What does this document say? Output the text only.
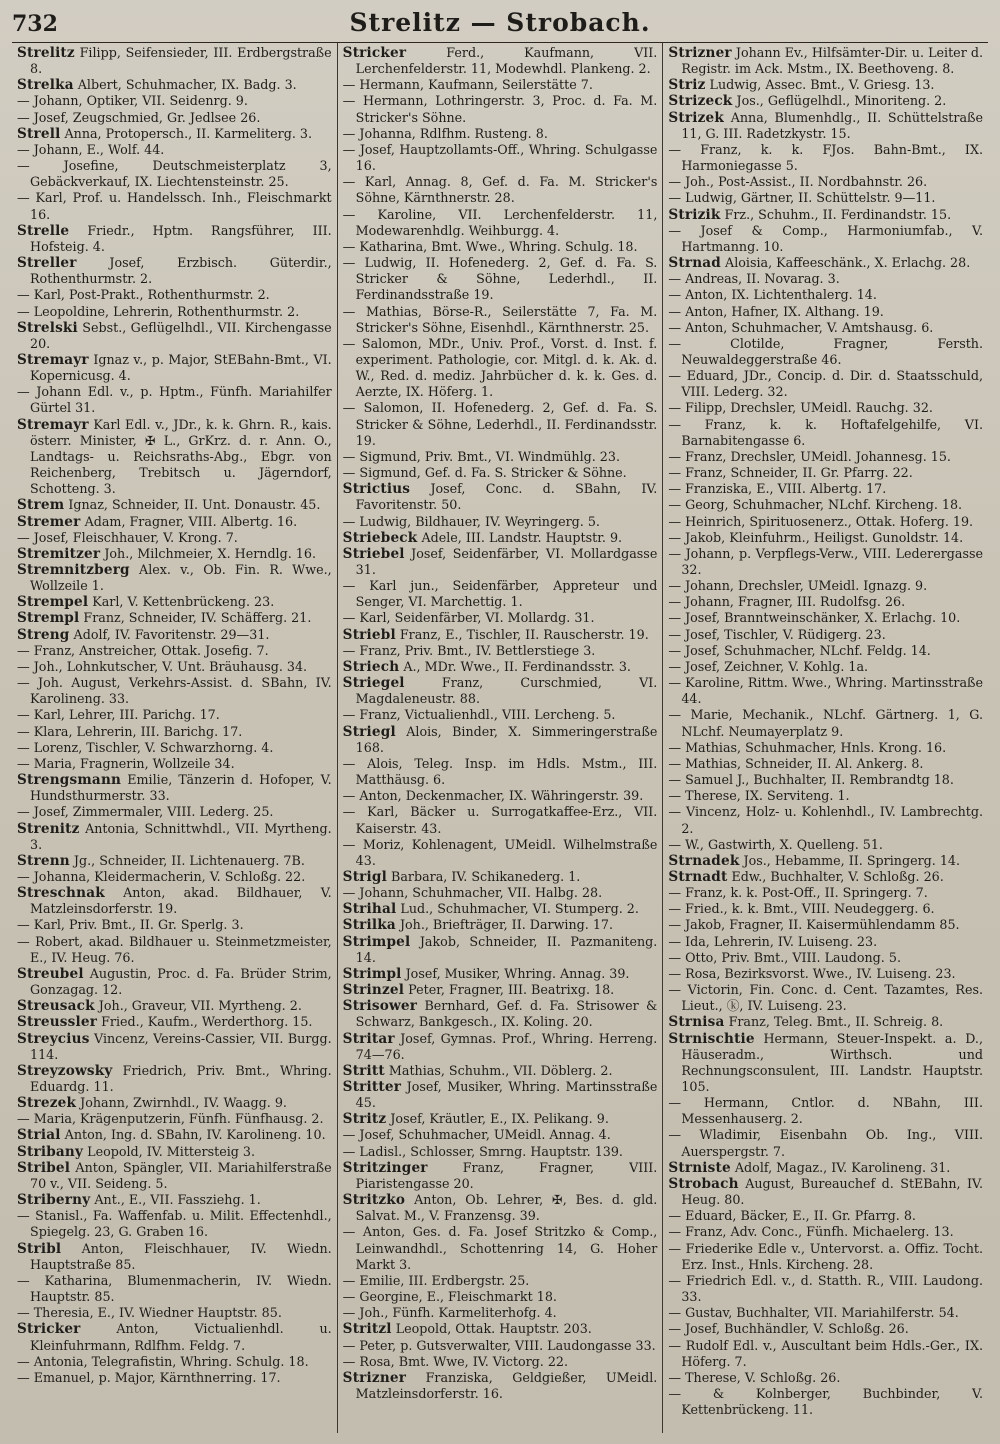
732	Strelitz — Strobach.

Strelitz Filipp, Seifensieder, III. Erdbergstraße 8.

Strelka Albert, Schuhmacher, IX. Badg. 3.

— Johann, Optiker, VII. Seidenrg. 9.

— Josef, Zeugschmied, Gr. Jedlsee 26.

Strell Anna, Protopersch., II. Karmeliterg. 3.

— Johann, E., Wolf. 44.

— Josefine,	Deutschmeisterplatz 3, Gebäckverkauf, IX. Liechtensteinstr. 25.

— Karl, Prof. u. Handelssch. Inh., Fleischmarkt 16.

Strelle Friedr., Hptm. Rangsführer, III. Hofsteig. 4.

Streller	Josef, Erzbisch. Güterdir., Rothenthurmstr. 2.

— Karl, Post-Prakt., Rothenthurmstr. 2.

— Leopoldine, Lehrerin, Rothenthurmstr. 2.

Strelski Sebst., Geflügelhdl., VII. Kirchengasse 20.

Stremayr Ignaz v., p. Major, StEBahn-Bmt., VI. Kopernicusg. 4.

— Johann Edl. v., p. Hptm., Fünfh. Mariahilfer Gürtel 31.

Stremayr Karl Edl. v., JDr., k. k. Ghrn. R., kais. österr. Minister, ✠ L., GrKrz. d. r. Ann. O., Landtags- u. Reichsraths-Abg., Ebgr. von Reichenberg, Trebitsch u. Jägerndorf, Schotteng. 3.

Strem Ignaz, Schneider, II. Unt. Donaustr. 45.

Stremer Adam, Fragner, VIII. Albertg. 16.

— Josef, Fleischhauer, V. Krong. 7.

Stremitzer Joh., Milchmeier, X. Herndlg. 16.

Stremnitzberg Alex. v., Ob. Fin. R. Wwe., Wollzeile 1.

Strempel Karl, V. Kettenbrückeng. 23.

Strempl Franz, Schneider, IV. Schäfferg. 21.

Streng Adolf, IV. Favoritenstr. 29—31.

— Franz, Anstreicher, Ottak. Josefig. 7.

— Joh., Lohnkutscher, V. Unt. Bräuhausg. 34.

— Joh. August, Verkehrs-Assist. d. SBahn, IV. Karolineng. 33.

— Karl, Lehrer, III. Parichg. 17.

— Klara, Lehrerin, III. Barichg. 17.

— Lorenz, Tischler, V. Schwarzhorng. 4.

— Maria, Fragnerin, Wollzeile 34.

Strengsmann Emilie, Tänzerin d. Hofoper, V. Hundsthurmerstr. 33.

— Josef, Zimmermaler, VIII. Lederg. 25.

Strenitz Antonia, Schnittwhdl., VII. Myrtheng. 3.

Strenn Jg., Schneider, II. Lichtenauerg. 7B.

— Johanna, Kleidermacherin, V. Schloßg. 22.

Streschnak Anton, akad. Bildhauer, V. Matzleinsdorferstr. 19.

— Karl, Priv. Bmt., II. Gr. Sperlg. 3.

— Robert, akad. Bildhauer u. Steinmetzmeister, E., IV. Heug. 76.

Streubel Augustin, Proc. d. Fa. Brüder Strim, Gonzagag. 12.

Streusack Joh., Graveur, VII. Myrtheng. 2.

Streussler Fried., Kaufm., Werderthorg. 15.

Streycius Vincenz, Vereins-Cassier, VII. Burgg. 114.

Streyzowsky Friedrich, Priv. Bmt., Whring. Eduardg. 11.

Strezek Johann, Zwirnhdl., IV. Waagg. 9.

— Maria, Krägenputzerin, Fünfh. Fünfhausg. 2.

Strial Anton, Ing. d. SBahn, IV. Karolineng. 10.

Stribany Leopold, IV. Mittersteig 3.

Stribel Anton, Spängler, VII. Mariahilferstraße 70 v., VII. Seideng. 5.

Striberny Ant., E., VII. Fassziehg. 1.

— Stanisl., Fa. Waffenfab. u. Milit. Effectenhdl., Spiegelg. 23, G. Graben 16.

Stribl Anton, Fleischhauer, IV. Wiedn. Hauptstraße 85.

— Katharina, Blumenmacherin, IV. Wiedn. Hauptstr. 85.

— Theresia, E., IV. Wiedner Hauptstr. 85.

Stricker	Anton, Victualienhdl. u. Kleinfuhrmann, Rdlfhm. Feldg. 7.

— Antonia, Telegrafistin, Whring. Schulg. 18.

— Emanuel, p. Major, Kärnthnerring. 17.

Stricker	Ferd., Kaufmann, VII. Lerchenfelderstr. 11, Modewhdl. Plankeng. 2.

— Hermann, Kaufmann, Seilerstätte 7.

— Hermann, Lothringerstr. 3, Proc. d. Fa. M. Stricker's Söhne.

— Johanna, Rdlfhm. Rusteng. 8.

— Josef, Hauptzollamts-Off., Whring. Schulgasse 16.

— Karl, Annag. 8, Gef. d. Fa. M. Stricker's Söhne, Kärnthnerstr. 28.

— Karoline, VII. Lerchenfelderstr. 11, Modewarenhdlg. Weihburgg. 4.

— Katharina, Bmt. Wwe., Whring. Schulg. 18.

— Ludwig, II. Hofenederg. 2, Gef. d. Fa. S. Stricker & Söhne, Lederhdl., II. Ferdinandsstraße 19.

— Mathias, Börse-R., Seilerstätte 7, Fa. M. Stricker's Söhne, Eisenhdl., Kärnthnerstr. 25.

— Salomon, MDr., Univ. Prof., Vorst. d. Inst. f. experiment. Pathologie, cor. Mitgl. d. k. Ak. d. W., Red. d. mediz. Jahrbücher d. k. k. Ges. d. Aerzte, IX. Höferg. 1.

— Salomon, II. Hofenederg. 2, Gef. d. Fa. S. Stricker & Söhne, Lederhdl., II. Ferdinandsstr. 19.

— Sigmund, Priv. Bmt., VI. Windmühlg. 23.

— Sigmund, Gef. d. Fa. S. Stricker & Söhne.

Strictius Josef, Conc. d. SBahn, IV. Favoritenstr. 50.

— Ludwig, Bildhauer, IV. Weyringerg. 5.

Striebeck Adele, III. Landstr. Hauptstr. 9.

Striebel Josef, Seidenfärber, VI. Mollardgasse 31.

— Karl jun., Seidenfärber, Appreteur und Senger, VI. Marchettig. 1.

— Karl, Seidenfärber, VI. Mollardg. 31.

Striebl Franz, E., Tischler, II. Rauscherstr. 19.

— Franz, Priv. Bmt., IV. Bettlerstiege 3.

Striech A., MDr. Wwe., II. Ferdinandsstr. 3.

Striegel	Franz, Curschmied, VI. Magdaleneustr. 88.

— Franz, Victualienhdl., VIII. Lercheng. 5.

Striegl Alois, Binder, X. Simmeringerstraße 168.

— Alois, Teleg. Insp. im Hdls. Mstm., III. Matthäusg. 6.

— Anton, Deckenmacher, IX. Währingerstr. 39.

— Karl, Bäcker u. Surrogatkaffee-Erz., VII. Kaiserstr. 43.

— Moriz, Kohlenagent, UMeidl. Wilhelmstraße 43.

Strigl Barbara, IV. Schikanederg. 1.

— Johann, Schuhmacher, VII. Halbg. 28.

Strihal Lud., Schuhmacher, VI. Stumperg. 2.

Strilka Joh., Briefträger, II. Darwing. 17.

Strimpel Jakob, Schneider, II. Pazmaniteng. 14.

Strimpl Josef, Musiker, Whring. Annag. 39.

Strinzel Peter, Fragner, III. Beatrixg. 18.

Strisower Bernhard, Gef. d. Fa. Strisower & Schwarz, Bankgesch., IX. Koling. 20.

Stritar Josef, Gymnas. Prof., Whring. Herreng. 74—76.

Stritt Mathias, Schuhm., VII. Döblerg. 2.

Stritter Josef, Musiker, Whring. Martinsstraße 45.

Stritz Josef, Kräutler, E., IX. Pelikang. 9.

— Josef, Schuhmacher, UMeidl. Annag. 4.

— Ladisl., Schlosser, Smrng. Hauptstr. 139.

Stritzinger	Franz, Fragner, VIII. Piaristengasse 20.

Stritzko Anton, Ob. Lehrer, ✠, Bes. d. gld. Salvat. M., V. Franzensg. 39.

— Anton, Ges. d. Fa. Josef Stritzko & Comp., Leinwandhdl., Schottenring 14, G. Hoher Markt 3.

— Emilie, III. Erdbergstr. 25.

— Georgine, E., Fleischmarkt 18.

— Joh., Fünfh. Karmeliterhofg. 4.

Stritzl Leopold, Ottak. Hauptstr. 203.

— Peter, p. Gutsverwalter, VIII. Laudongasse 33.

— Rosa, Bmt. Wwe, IV. Victorg. 22.

Strizner Franziska, Geldgießer, UMeidl. Matzleinsdorferstr. 16.

Strizner Johann Ev., Hilfsämter-Dir. u. Leiter d. Registr. im Ack. Mstm., IX. Beethoveng. 8.

Striz Ludwig, Assec. Bmt., V. Griesg. 13.

Strizeck Jos., Geflügelhdl., Minoriteng. 2.

Strizek Anna, Blumenhdlg., II. Schüttelstraße 11, G. III. Radetzkystr. 15.

— Franz, k. k. FJos. Bahn-Bmt., IX. Harmoniegasse 5.

— Joh., Post-Assist., II. Nordbahnstr. 26.

— Ludwig, Gärtner, II. Schüttelstr. 9—11.

Strizik Frz., Schuhm., II. Ferdinandstr. 15.

— Josef & Comp., Harmoniumfab., V. Hartmanng. 10.

Strnad Aloisia, Kaffeeschänk., X. Erlachg. 28.

— Andreas, II. Novarag. 3.

— Anton, IX. Lichtenthalerg. 14.

— Anton, Hafner, IX. Althang. 19.

— Anton, Schuhmacher, V. Amtshausg. 6.

— Clotilde,	Fragner, Fersth. Neuwaldeggerstraße 46.

— Eduard, JDr., Concip. d. Dir. d. Staatsschuld, VIII. Lederg. 32.

— Filipp, Drechsler, UMeidl. Rauchg. 32.

— Franz, k. k. Hoftafelgehilfe, VI. Barnabitengasse 6.

— Franz, Drechsler, UMeidl. Johannesg. 15.

— Franz, Schneider, II. Gr. Pfarrg. 22.

— Franziska, E., VIII. Albertg. 17.

— Georg, Schuhmacher, NLchf. Kircheng. 18.

— Heinrich, Spirituosenerz., Ottak. Hoferg. 19.

— Jakob, Kleinfuhrm., Heiligst. Gunoldstr. 14.

— Johann, p. Verpflegs-Verw., VIII. Lederergasse 32.

— Johann, Drechsler, UMeidl. Ignazg. 9.

— Johann, Fragner, III. Rudolfsg. 26.

— Josef, Branntweinschänker, X. Erlachg. 10.

— Josef, Tischler, V. Rüdigerg. 23.

— Josef, Schuhmacher, NLchf. Feldg. 14.

— Josef, Zeichner, V. Kohlg. 1a.

— Karoline, Rittm. Wwe., Whring. Martinsstraße 44.

— Marie, Mechanik., NLchf. Gärtnerg. 1, G. NLchf. Neumayerplatz 9.

— Mathias, Schuhmacher, Hnls. Krong. 16.

— Mathias, Schneider, II. Al. Ankerg. 8.

— Samuel J., Buchhalter, II. Rembrandtg 18.

— Therese, IX. Serviteng. 1.

— Vincenz, Holz- u. Kohlenhdl., IV. Lambrechtg. 2.

— W., Gastwirth, X. Quelleng. 51.

Strnadek Jos., Hebamme, II. Springerg. 14.

Strnadt Edw., Buchhalter, V. Schloßg. 26.

— Franz, k. k. Post-Off., II. Springerg. 7.

— Fried., k. k. Bmt., VIII. Neudeggerg. 6.

— Jakob, Fragner, II. Kaisermühlendamm 85.

— Ida, Lehrerin, IV. Luiseng. 23.

— Otto, Priv. Bmt., VIII. Laudong. 5.

— Rosa, Bezirksvorst. Wwe., IV. Luiseng. 23.

— Victorin, Fin. Conc. d. Cent. Tazamtes, Res. Lieut., ⓚ, IV. Luiseng. 23.

Strnisa Franz, Teleg. Bmt., II. Schreig. 8.

Strnischtie Hermann, Steuer-Inspekt. a. D., Häuseradm., Wirthsch. und Rechnungsconsulent, III. Landstr. Hauptstr. 105.

— Hermann, Cntlor. d. NBahn, III. Messenhauserg. 2.

— Wladimir, Eisenbahn Ob. Ing., VIII. Auerspergstr. 7.

Strniste Adolf, Magaz., IV. Karolineng. 31.

Strobach August, Bureauchef d. StEBahn, IV. Heug. 80.

— Eduard, Bäcker, E., II. Gr. Pfarrg. 8.

— Franz, Adv. Conc., Fünfh. Michaelerg. 13.

— Friederike Edle v., Untervorst. a. Offiz. Tocht. Erz. Inst., Hnls. Kircheng. 28.

— Friedrich Edl. v., d. Statth. R., VIII. Laudong. 33.

— Gustav, Buchhalter, VII. Mariahilferstr. 54.

— Josef, Buchhändler, V. Schloßg. 26.

— Rudolf Edl. v., Auscultant beim Hdls.-Ger., IX. Höferg. 7.

— Therese, V. Schloßg. 26.

— & Kolnberger,	Buchbinder, V. Kettenbrückeng. 11.
